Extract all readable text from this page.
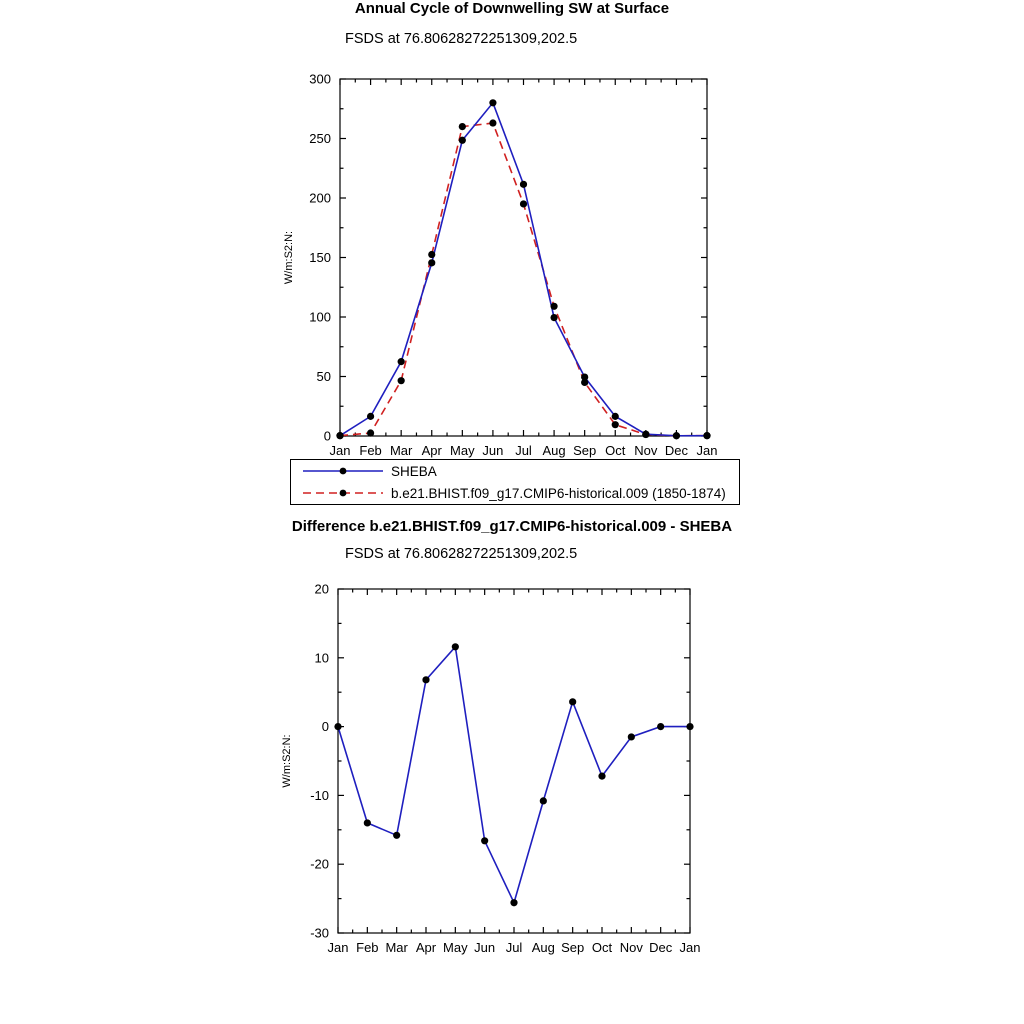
Annual Cycle of Downwelling SW at Surface
FSDS at 76.80628272251309,202.5
Jan Feb Mar Apr May Jun Jul Aug Sep Oct Nov Dec Jan
0
50
100
150
200
250
300
W/m:S2:N:
SHEBA
b.e21.BHIST.f09_g17.CMIP6-historical.009 (1850-1874)
Difference b.e21.BHIST.f09_g17.CMIP6-historical.009 - SHEBA
FSDS at 76.80628272251309,202.5
Jan Feb Mar Apr May Jun Jul Aug Sep Oct Nov Dec Jan
-30
-20
-10
0
10
20
W/m:S2:N:
